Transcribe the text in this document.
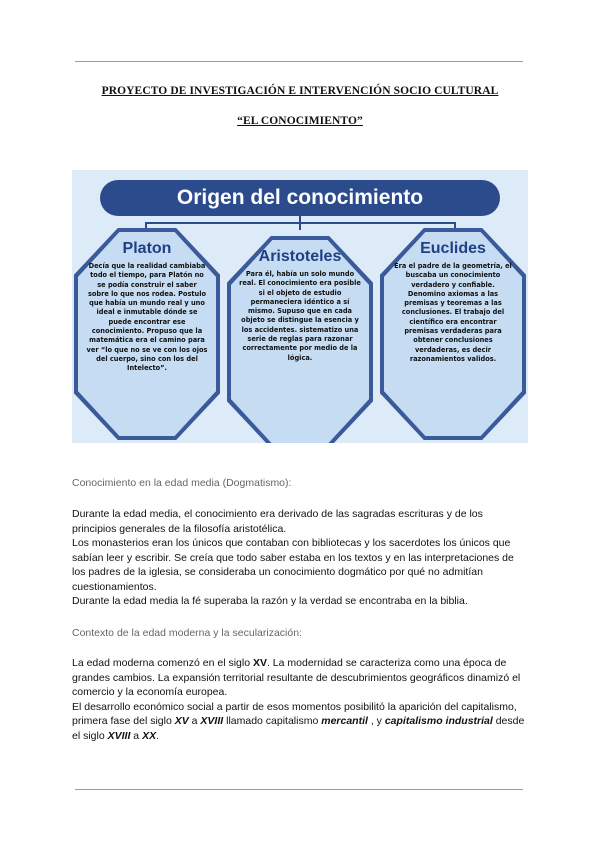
PROYECTO DE INVESTIGACIÓN E INTERVENCIÓN SOCIO CULTURAL
“EL CONOCIMIENTO”
Origen del conocimiento
Platon
Decía que la realidad cambiaba todo el tiempo, para Platón no se podía construir el saber sobre lo que nos rodea. Postulo que había un mundo real y uno ideal e inmutable dónde se puede encontrar ese conocimiento. Propuso que la matemática era el camino para ver “lo que no se ve con los ojos del cuerpo, sino con los del Intelecto”.
Aristoteles
Para él, había un solo mundo real. El conocimiento era posible si el objeto de estudio permaneciera idéntico a sí mismo. Supuso que en cada objeto se distingue la esencia y los accidentes. sistematizo una serie de reglas para razonar correctamente por medio de la lógica.
Euclides
Era el padre de la geometría, el buscaba un conocimiento verdadero y confiable. Denomino axiomas a las premisas y teoremas a las conclusiones. El trabajo del científico era encontrar premisas verdaderas para obtener conclusiones verdaderas, es decir razonamientos validos.
Conocimiento en la edad media (Dogmatismo):

Durante la edad media, el conocimiento era derivado de las sagradas escrituras y de los principios generales de la filosofía aristotélica.

Los monasterios eran los únicos que contaban con bibliotecas y los sacerdotes los únicos que sabían leer y escribir. Se creía que todo saber estaba en los textos y en las interpretaciones de los padres de la iglesia, se consideraba un conocimiento dogmático por qué no admitían cuestionamientos.

Durante la edad media la fé superaba la razón y la verdad se encontraba en la biblia.

Contexto de la edad moderna y la secularización:

La edad moderna comenzó en el siglo XV. La modernidad se caracteriza como una época de grandes cambios. La expansión territorial resultante de descubrimientos geográficos dinamizó el comercio y la economía europea.

El desarrollo económico social a partir de esos momentos posibilitó la aparición del capitalismo, primera fase del siglo XV a XVIII llamado capitalismo mercantil , y capitalismo industrial desde el siglo XVIII a XX.
